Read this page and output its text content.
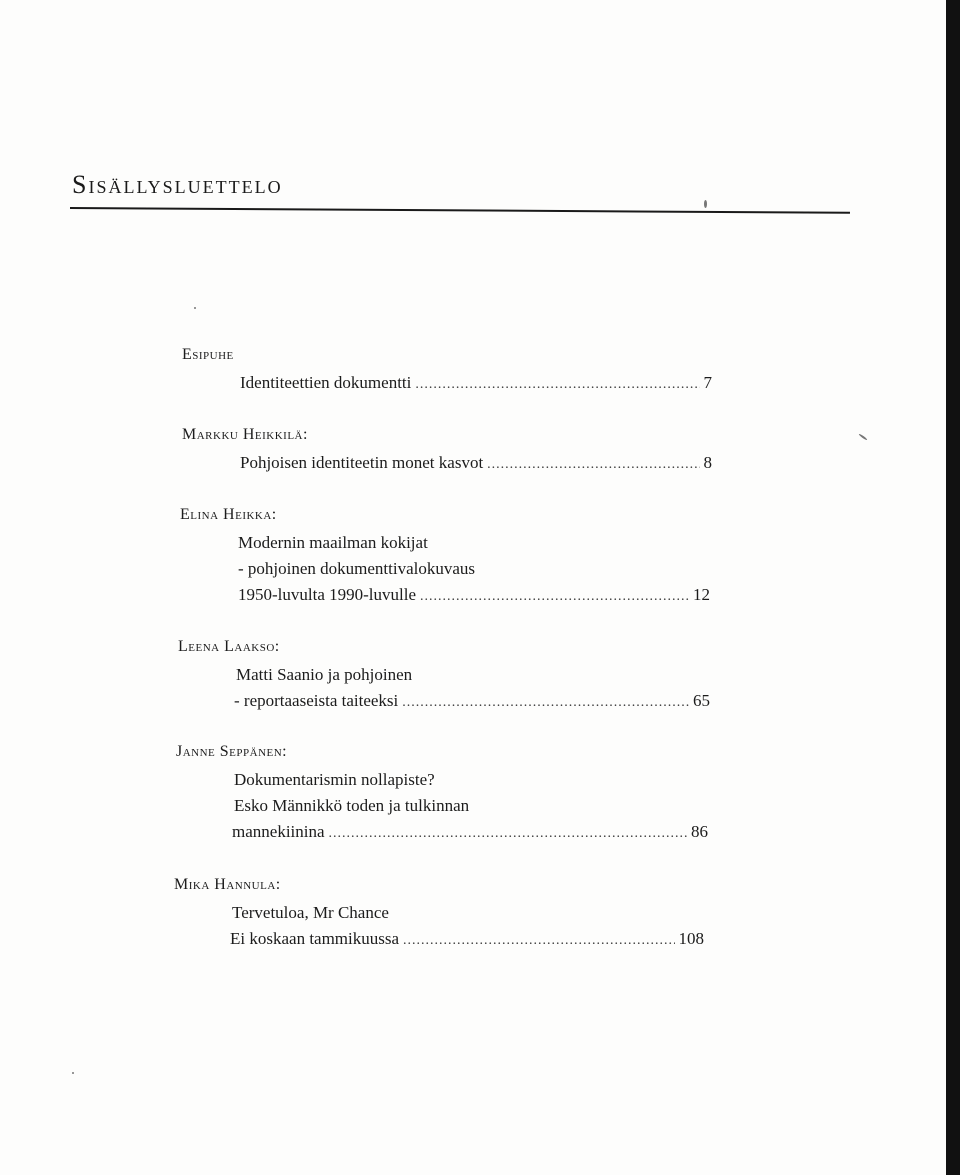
Sisällysluettelo
Esipuhe
Identiteettien dokumentti .....	7
Markku Heikkilä:
Pohjoisen identiteetin monet kasvot .....	8
Elina Heikka:
Modernin maailman kokijat
- pohjoinen dokumenttivalokuvaus
1950-luvulta 1990-luvulle .....	12
Leena Laakso:
Matti Saanio ja pohjoinen
- reportaaseista taiteeksi .....	65
Janne Seppänen:
Dokumentarismin nollapiste?
Esko Männikkö toden ja tulkinnan
mannekiinina .....	86
Mika Hannula:
Tervetuloa, Mr Chance
Ei koskaan tammikuussa .....	108
